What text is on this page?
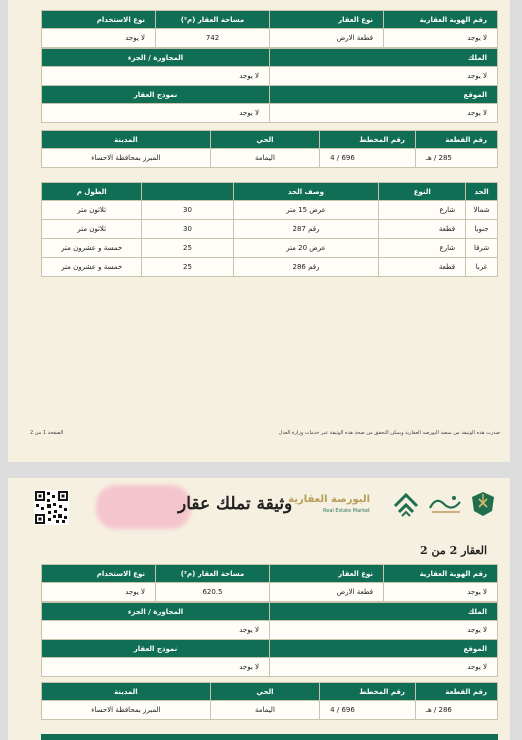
رقم الهوية العقارية	نوع العقار	مساحة العقار (م²)	نوع الاستخدام
لا يوجد	قطعة الارض	742	لا يوجد
الملك	المجاورة / الجزء
لا يوجد	لا يوجد
الموقع	نموذج العقار
لا يوجد	لا يوجد
رقم القطعة	رقم المخطط	الحي	المدينة
285 / هـ	696 / 4	اليمامة	المبرز بمحافظة الاحساء
الحد	النوع	وصف الحد		الطول م
شمالا	شارع	عرض 15 متر	30	ثلاثون متر
جنوبا	قطعة	رقم 287	30	ثلاثون متر
شرقا	شارع	عرض 20 متر	25	خمسة و عشرون متر
غربا	قطعة	رقم 286	25	خمسة و عشرون متر
صدرت هذه الوثيقة من منصة البورصة العقارية ويمكن التحقق من صحة هذه الوثيقة عبر خدمات وزارة العدل
الصفحة 1 من 2
وثيقة تملك عقار
البورصة العقارية
Real Estate Market
العقار 2 من 2
رقم الهوية العقارية	نوع العقار	مساحة العقار (م²)	نوع الاستخدام
لا يوجد	قطعة الارض	620.5	لا يوجد
الملك	المجاورة / الجزء
لا يوجد	لا يوجد
الموقع	نموذج العقار
لا يوجد	لا يوجد
رقم القطعة	رقم المخطط	الحي	المدينة
286 / هـ	696 / 4	اليمامة	المبرز بمحافظة الاحساء
